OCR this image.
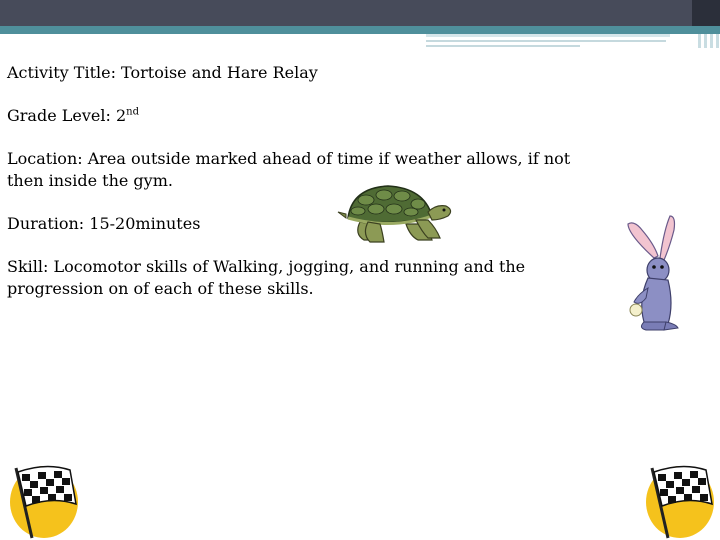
Activity Title: Tortoise and Hare Relay

Grade Level: 2nd

Location: Area outside marked ahead of time if weather allows, if not then inside the gym.

Duration: 15-20minutes

Skill: Locomotor skills of Walking, jogging, and running and the progression on of each of these skills.
